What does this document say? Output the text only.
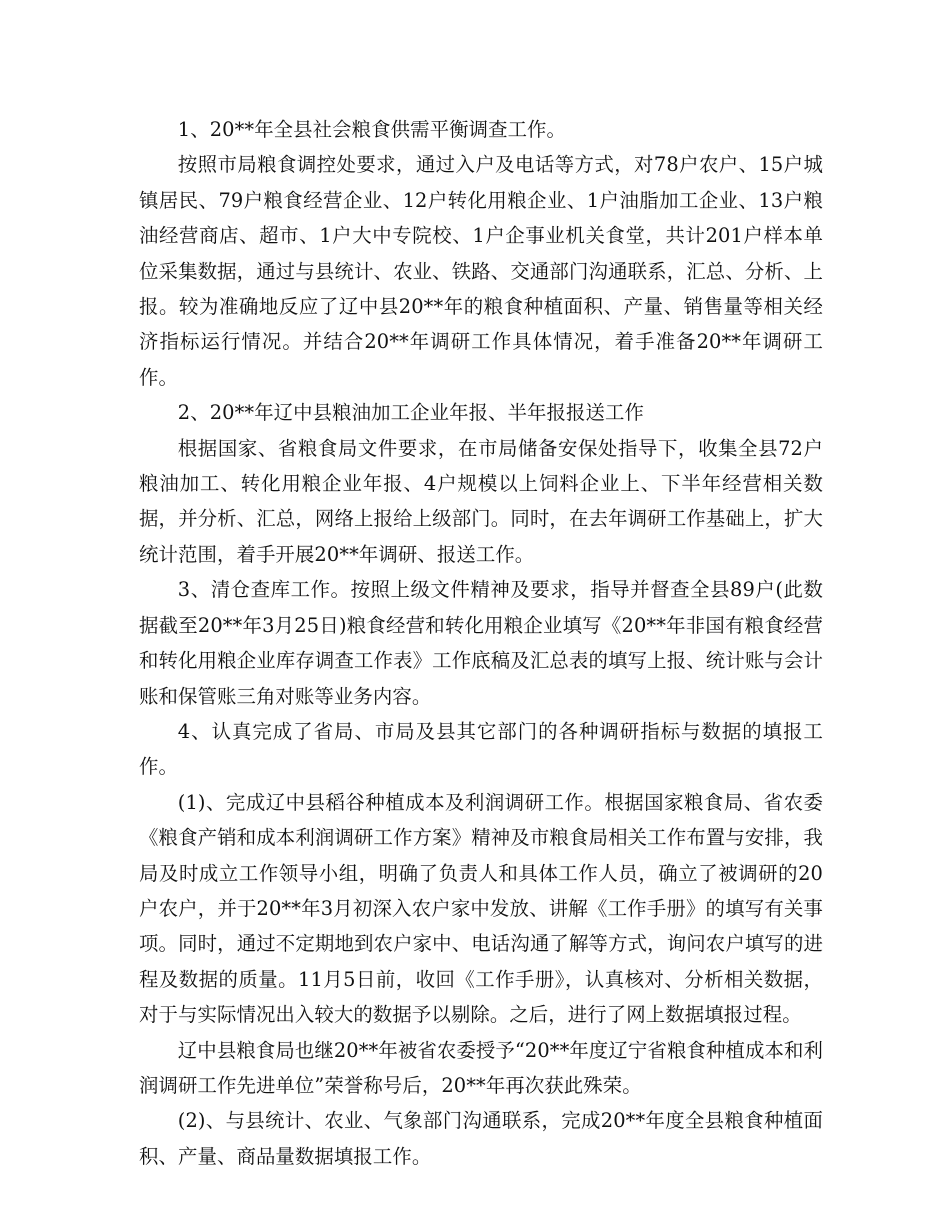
1、20**年全县社会粮食供需平衡调查工作。

按照市局粮食调控处要求，通过入户及电话等方式，对78户农户、15户城镇居民、79户粮食经营企业、12户转化用粮企业、1户油脂加工企业、13户粮油经营商店、超市、1户大中专院校、1户企事业机关食堂，共计201户样本单位采集数据，通过与县统计、农业、铁路、交通部门沟通联系，汇总、分析、上报。较为准确地反应了辽中县20**年的粮食种植面积、产量、销售量等相关经济指标运行情况。并结合20**年调研工作具体情况，着手准备20**年调研工作。

2、20**年辽中县粮油加工企业年报、半年报报送工作

根据国家、省粮食局文件要求，在市局储备安保处指导下，收集全县72户粮油加工、转化用粮企业年报、4户规模以上饲料企业上、下半年经营相关数据，并分析、汇总，网络上报给上级部门。同时，在去年调研工作基础上，扩大统计范围，着手开展20**年调研、报送工作。

3、清仓查库工作。按照上级文件精神及要求，指导并督查全县89户(此数据截至20**年3月25日)粮食经营和转化用粮企业填写《20**年非国有粮食经营和转化用粮企业库存调查工作表》工作底稿及汇总表的填写上报、统计账与会计账和保管账三角对账等业务内容。

4、认真完成了省局、市局及县其它部门的各种调研指标与数据的填报工作。

(1)、完成辽中县稻谷种植成本及利润调研工作。根据国家粮食局、省农委《粮食产销和成本利润调研工作方案》精神及市粮食局相关工作布置与安排，我局及时成立工作领导小组，明确了负责人和具体工作人员，确立了被调研的20户农户，并于20**年3月初深入农户家中发放、讲解《工作手册》的填写有关事项。同时，通过不定期地到农户家中、电话沟通了解等方式，询问农户填写的进程及数据的质量。11月5日前，收回《工作手册》，认真核对、分析相关数据，对于与实际情况出入较大的数据予以剔除。之后，进行了网上数据填报过程。

辽中县粮食局也继20**年被省农委授予“20**年度辽宁省粮食种植成本和利润调研工作先进单位”荣誉称号后，20**年再次获此殊荣。

(2)、与县统计、农业、气象部门沟通联系，完成20**年度全县粮食种植面积、产量、商品量数据填报工作。
